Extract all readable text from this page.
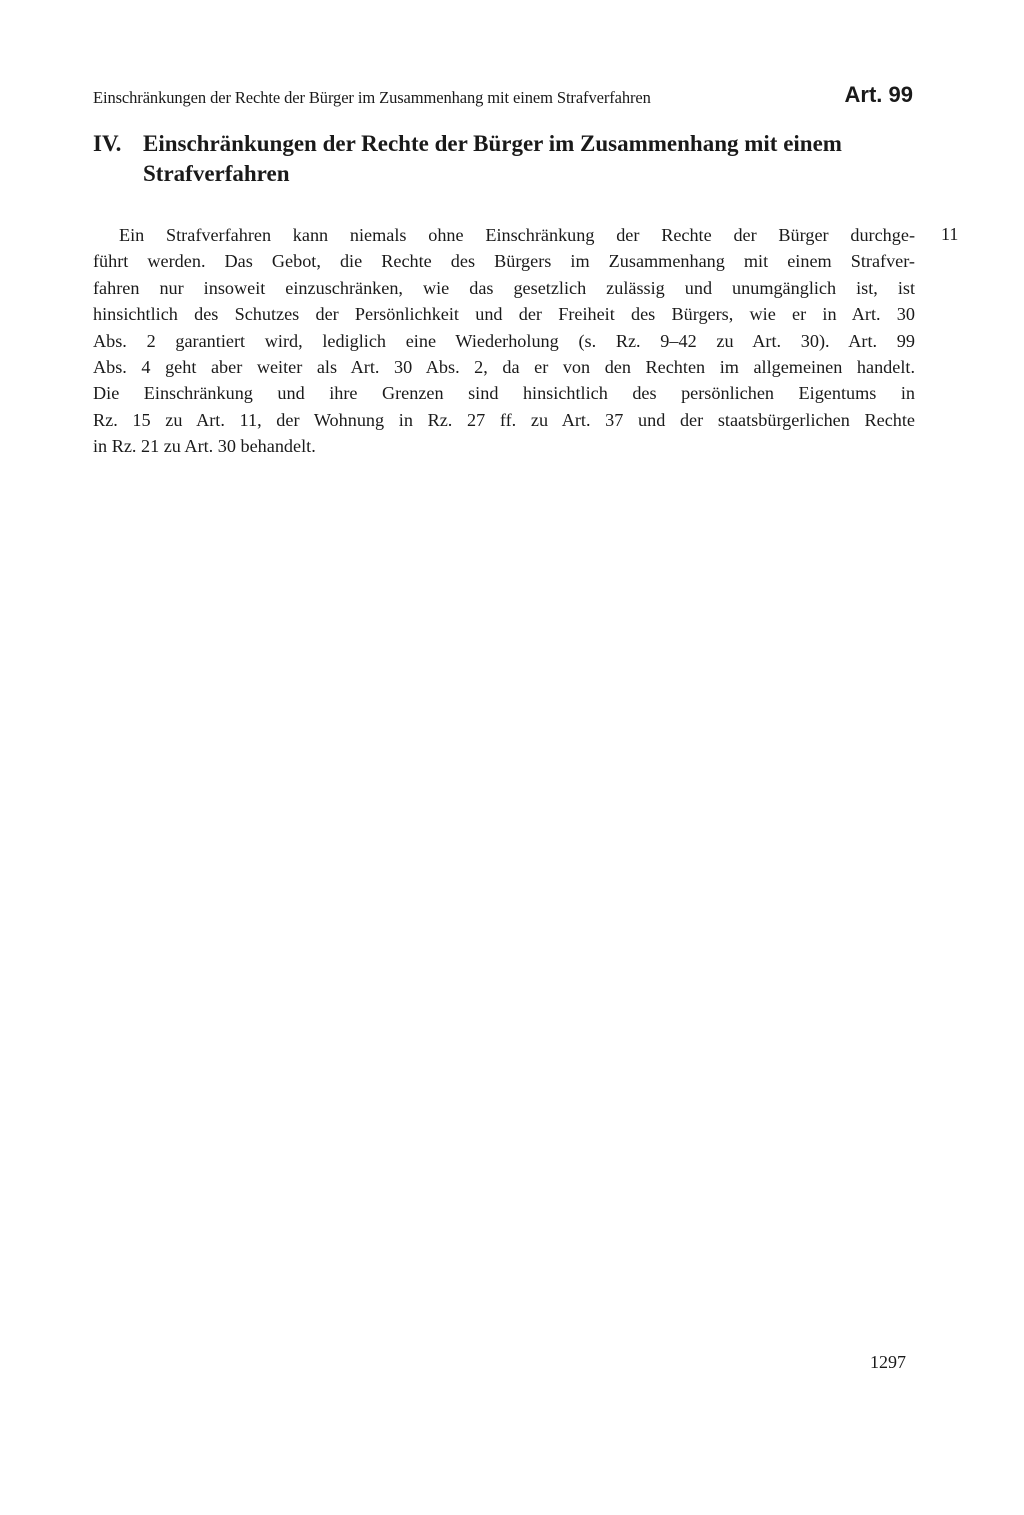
Einschränkungen der Rechte der Bürger im Zusammenhang mit einem Strafverfahren	Art. 99
IV. Einschränkungen der Rechte der Bürger im Zusammenhang mit einem
Strafverfahren
11

Ein Strafverfahren kann niemals ohne Einschränkung der Rechte der Bürger durchge-
führt werden. Das Gebot, die Rechte des Bürgers im Zusammenhang mit einem Strafver-
fahren nur insoweit einzuschränken, wie das gesetzlich zulässig und unumgänglich ist, ist
hinsichtlich des Schutzes der Persönlichkeit und der Freiheit des Bürgers, wie er in Art. 30
Abs. 2 garantiert wird, lediglich eine Wiederholung (s. Rz. 9–42 zu Art. 30). Art. 99
Abs. 4 geht aber weiter als Art. 30 Abs. 2, da er von den Rechten im allgemeinen handelt.
Die Einschränkung und ihre Grenzen sind hinsichtlich des persönlichen Eigentums in
Rz. 15 zu Art. 11, der Wohnung in Rz. 27 ff. zu Art. 37 und der staatsbürgerlichen Rechte
in Rz. 21 zu Art. 30 behandelt.

1297
